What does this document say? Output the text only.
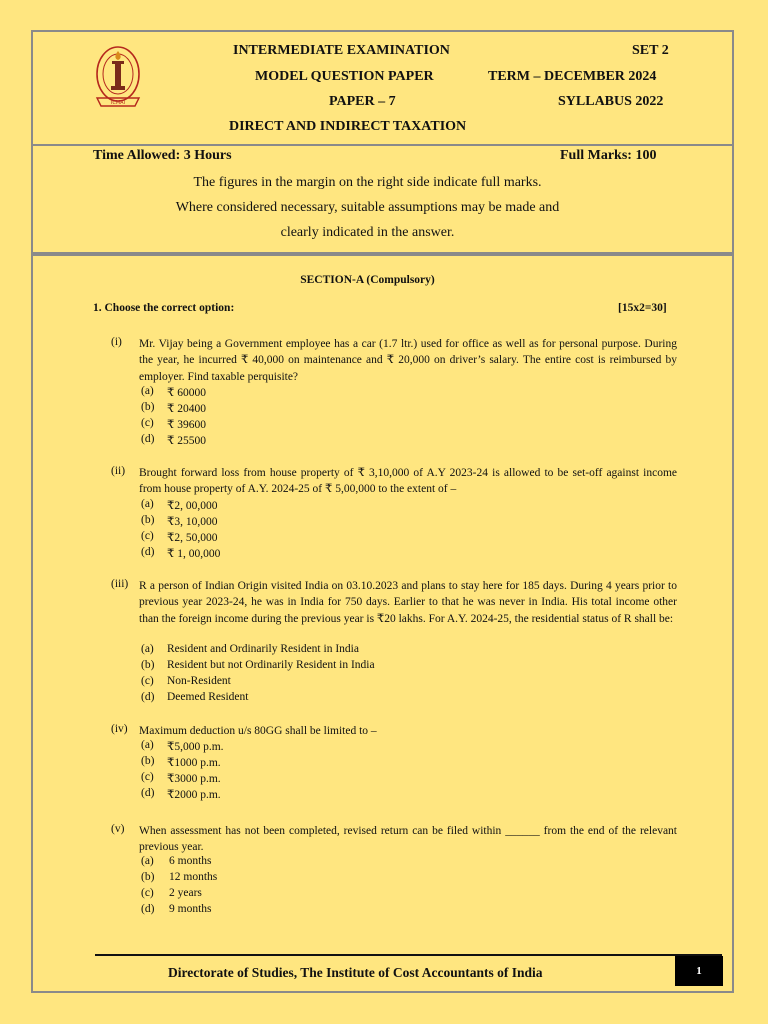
ICMAI
INTERMEDIATE EXAMINATION	SET 2
MODEL QUESTION PAPER	TERM – DECEMBER 2024
PAPER – 7	SYLLABUS 2022
DIRECT AND INDIRECT TAXATION
Time Allowed: 3 Hours	Full Marks: 100
The figures in the margin on the right side indicate full marks.
Where considered necessary, suitable assumptions may be made and
clearly indicated in the answer.
SECTION-A (Compulsory)
1. Choose the correct option:	[15x2=30]
(i) Mr. Vijay being a Government employee has a car (1.7 ltr.) used for office as well as for personal purpose. During the year, he incurred ₹ 40,000 on maintenance and ₹ 20,000 on driver’s salary. The entire cost is reimbursed by employer. Find taxable perquisite?
(a) ₹ 60000
(b) ₹ 20400
(c) ₹ 39600
(d) ₹ 25500
(ii) Brought forward loss from house property of ₹ 3,10,000 of A.Y 2023-24 is allowed to be set-off against income from house property of A.Y. 2024-25 of ₹ 5,00,000 to the extent of –
(a) ₹2, 00,000
(b) ₹3, 10,000
(c) ₹2, 50,000
(d) ₹ 1, 00,000
(iii) R a person of Indian Origin visited India on 03.10.2023 and plans to stay here for 185 days. During 4 years prior to previous year 2023-24, he was in India for 750 days. Earlier to that he was never in India. His total income other than the foreign income during the previous year is ₹20 lakhs. For A.Y. 2024-25, the residential status of R shall be:
(a) Resident and Ordinarily Resident in India
(b) Resident but not Ordinarily Resident in India
(c) Non-Resident
(d) Deemed Resident
(iv) Maximum deduction u/s 80GG shall be limited to –
(a) ₹5,000 p.m.
(b) ₹1000 p.m.
(c) ₹3000 p.m.
(d) ₹2000 p.m.
(v) When assessment has not been completed, revised return can be filed within ______ from the end of the relevant previous year.
(a) 6 months
(b) 12 months
(c) 2 years
(d) 9 months
Directorate of Studies, The Institute of Cost Accountants of India	1
